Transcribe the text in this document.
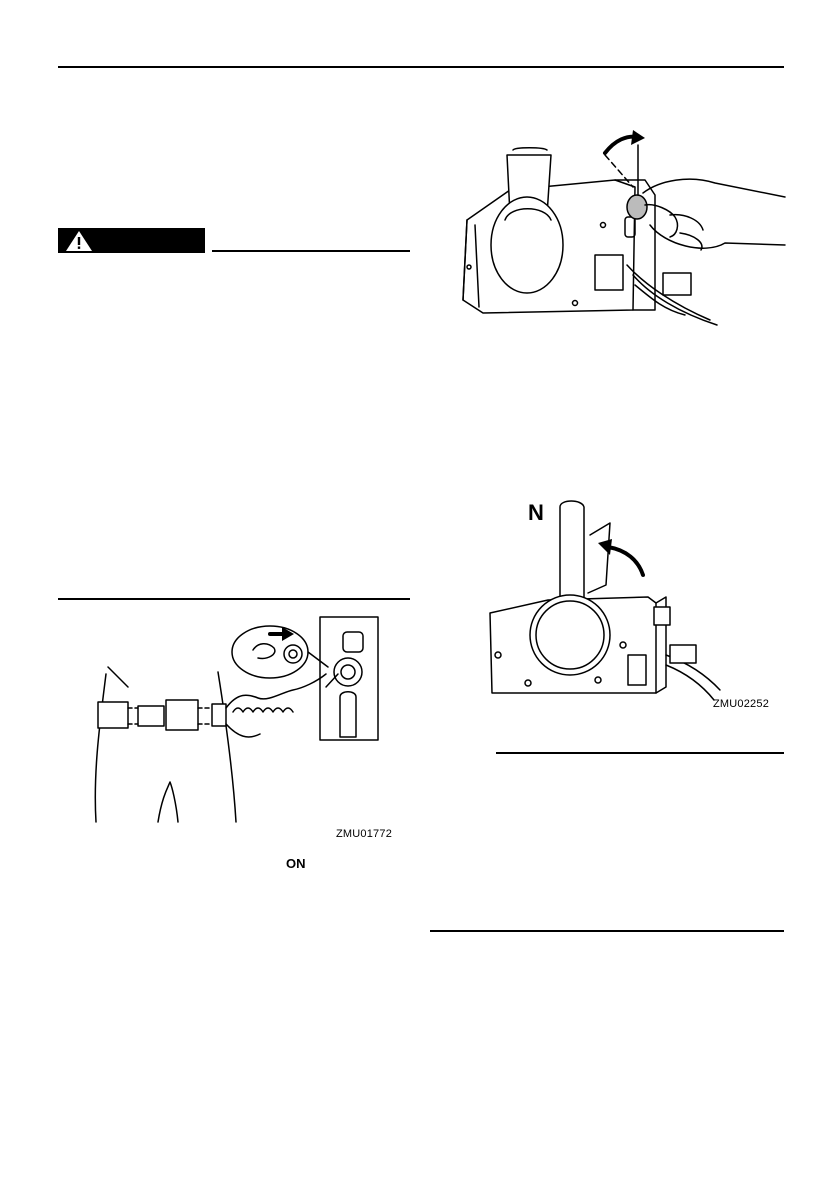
N
ZMU02252
ZMU01772
ON
